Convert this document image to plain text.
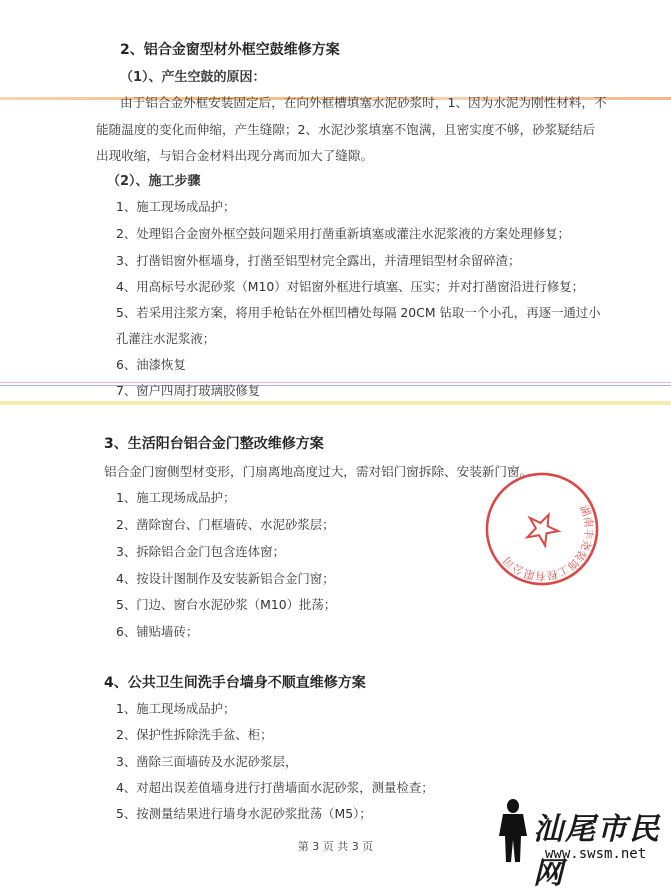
2、铝合金窗型材外框空鼓维修方案
（1）、产生空鼓的原因：
由于铝合金外框安装固定后，在向外框槽填塞水泥砂浆时，1、因为水泥为刚性材料，不
能随温度的变化而伸缩，产生缝隙；2、水泥沙浆填塞不饱满，且密实度不够，砂浆疑结后
出现收缩，与铝合金材料出现分离而加大了缝隙。
（2）、施工步骤
1、施工现场成品护；
2、处理铝合金窗外框空鼓问题采用打凿重新填塞或灌注水泥浆液的方案处理修复；
3、打凿铝窗外框墙身，打凿至铝型材完全露出，并清理铝型材余留碎渣；
4、用高标号水泥砂浆（M10）对铝窗外框进行填塞、压实；并对打凿窗沿进行修复；
5、若采用注浆方案，将用手枪钻在外框凹槽处每隔 20CM 钻取一个小孔，再逐一通过小
孔灌注水泥浆液；
6、油漆恢复
7、窗户四周打玻璃胶修复
3、生活阳台铝合金门整改维修方案
铝合金门窗侧型材变形，门扇离地高度过大，需对铝门窗拆除、安装新门窗。
1、施工现场成品护；
2、凿除窗台、门框墙砖、水泥砂浆层；
3、拆除铝合金门包含连体窗；
4、按设计图制作及安装新铝合金门窗；
5、门边、窗台水泥砂浆（M10）批荡；
6、铺贴墙砖；
4、公共卫生间洗手台墙身不顺直维修方案
1、施工现场成品护；
2、保护性拆除洗手盆、柜；
3、凿除三面墙砖及水泥砂浆层，
4、对超出误差值墙身进行打凿墙面水泥砂浆，测量检查；
5、按测量结果进行墙身水泥砂浆批荡（M5）；
湖南丰尧装饰工程有限公司
第 3 页 共 3 页	汕尾市民网
www.swsm.net
